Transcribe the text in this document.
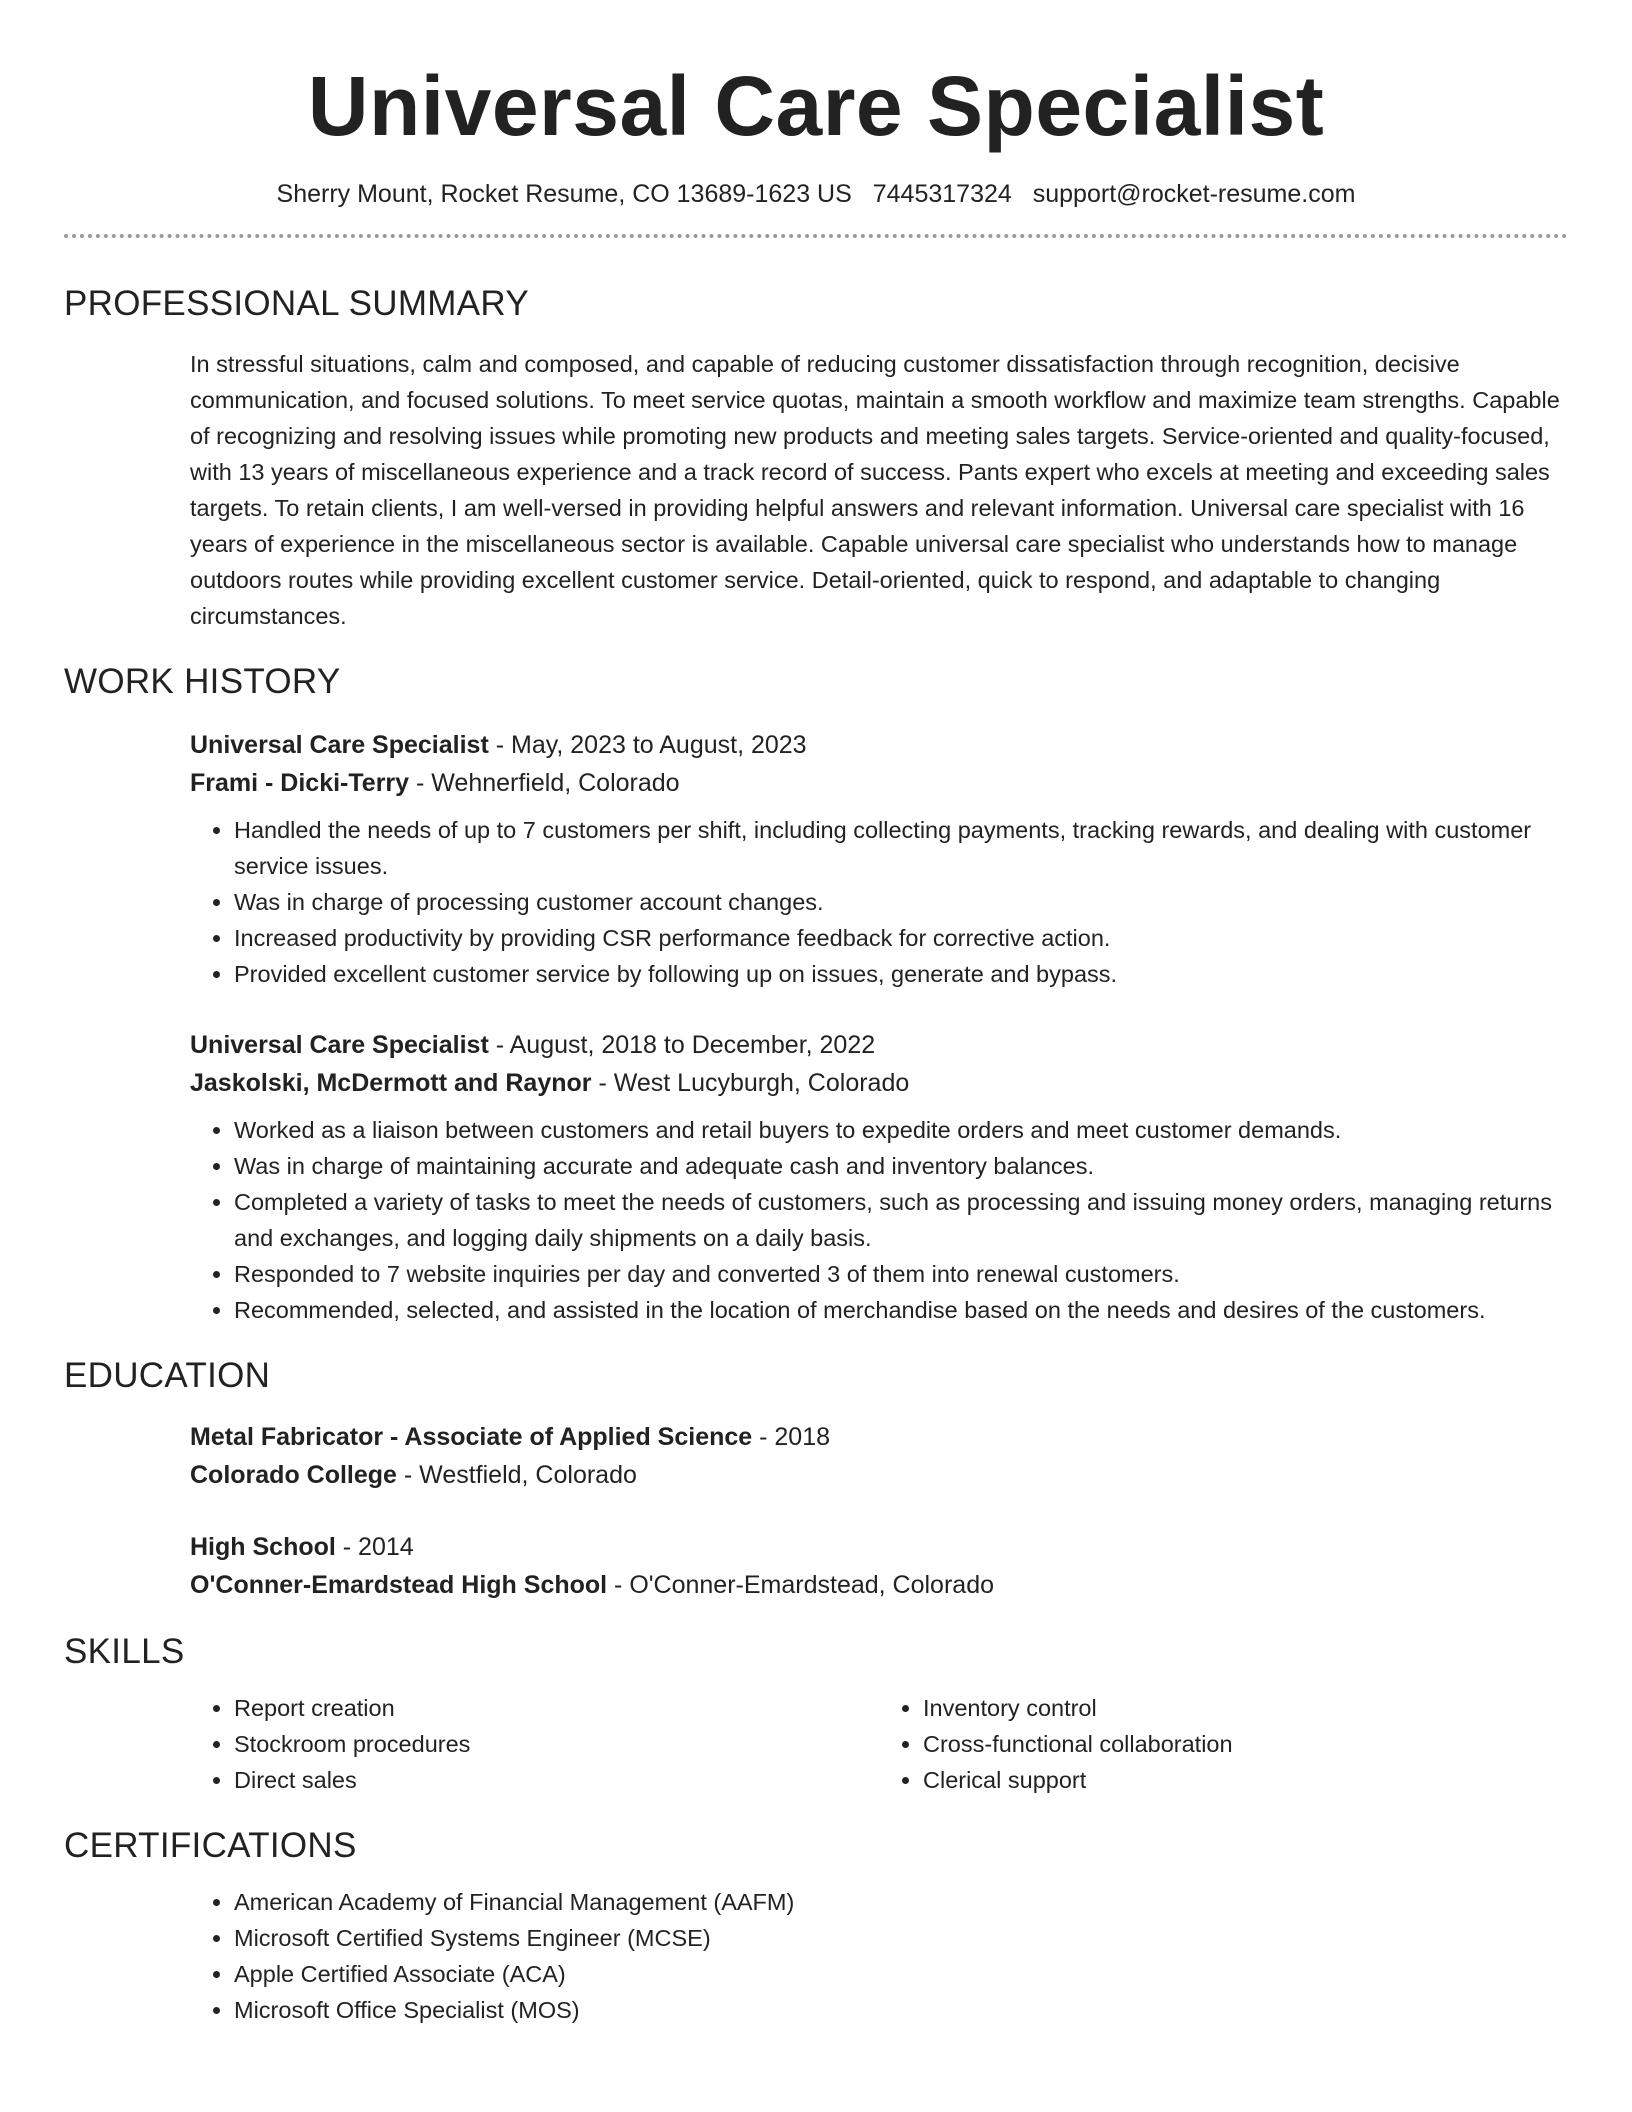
Universal Care Specialist
Sherry Mount, Rocket Resume, CO 13689-1623 US 7445317324 support@rocket-resume.com
PROFESSIONAL SUMMARY
In stressful situations, calm and composed, and capable of reducing customer dissatisfaction through recognition, decisive communication, and focused solutions. To meet service quotas, maintain a smooth workflow and maximize team strengths. Capable of recognizing and resolving issues while promoting new products and meeting sales targets. Service-oriented and quality-focused, with 13 years of miscellaneous experience and a track record of success. Pants expert who excels at meeting and exceeding sales targets. To retain clients, I am well-versed in providing helpful answers and relevant information. Universal care specialist with 16 years of experience in the miscellaneous sector is available. Capable universal care specialist who understands how to manage outdoors routes while providing excellent customer service. Detail-oriented, quick to respond, and adaptable to changing circumstances.
WORK HISTORY
Universal Care Specialist - May, 2023 to August, 2023
Frami - Dicki-Terry - Wehnerfield, Colorado
• Handled the needs of up to 7 customers per shift, including collecting payments, tracking rewards, and dealing with customer service issues.
• Was in charge of processing customer account changes.
• Increased productivity by providing CSR performance feedback for corrective action.
• Provided excellent customer service by following up on issues, generate and bypass.
Universal Care Specialist - August, 2018 to December, 2022
Jaskolski, McDermott and Raynor - West Lucyburgh, Colorado
• Worked as a liaison between customers and retail buyers to expedite orders and meet customer demands.
• Was in charge of maintaining accurate and adequate cash and inventory balances.
• Completed a variety of tasks to meet the needs of customers, such as processing and issuing money orders, managing returns and exchanges, and logging daily shipments on a daily basis.
• Responded to 7 website inquiries per day and converted 3 of them into renewal customers.
• Recommended, selected, and assisted in the location of merchandise based on the needs and desires of the customers.
EDUCATION
Metal Fabricator - Associate of Applied Science - 2018
Colorado College - Westfield, Colorado
High School - 2014
O'Conner-Emardstead High School - O'Conner-Emardstead, Colorado
SKILLS
• Report creation
• Stockroom procedures
• Direct sales
• Inventory control
• Cross-functional collaboration
• Clerical support
CERTIFICATIONS
• American Academy of Financial Management (AAFM)
• Microsoft Certified Systems Engineer (MCSE)
• Apple Certified Associate (ACA)
• Microsoft Office Specialist (MOS)
